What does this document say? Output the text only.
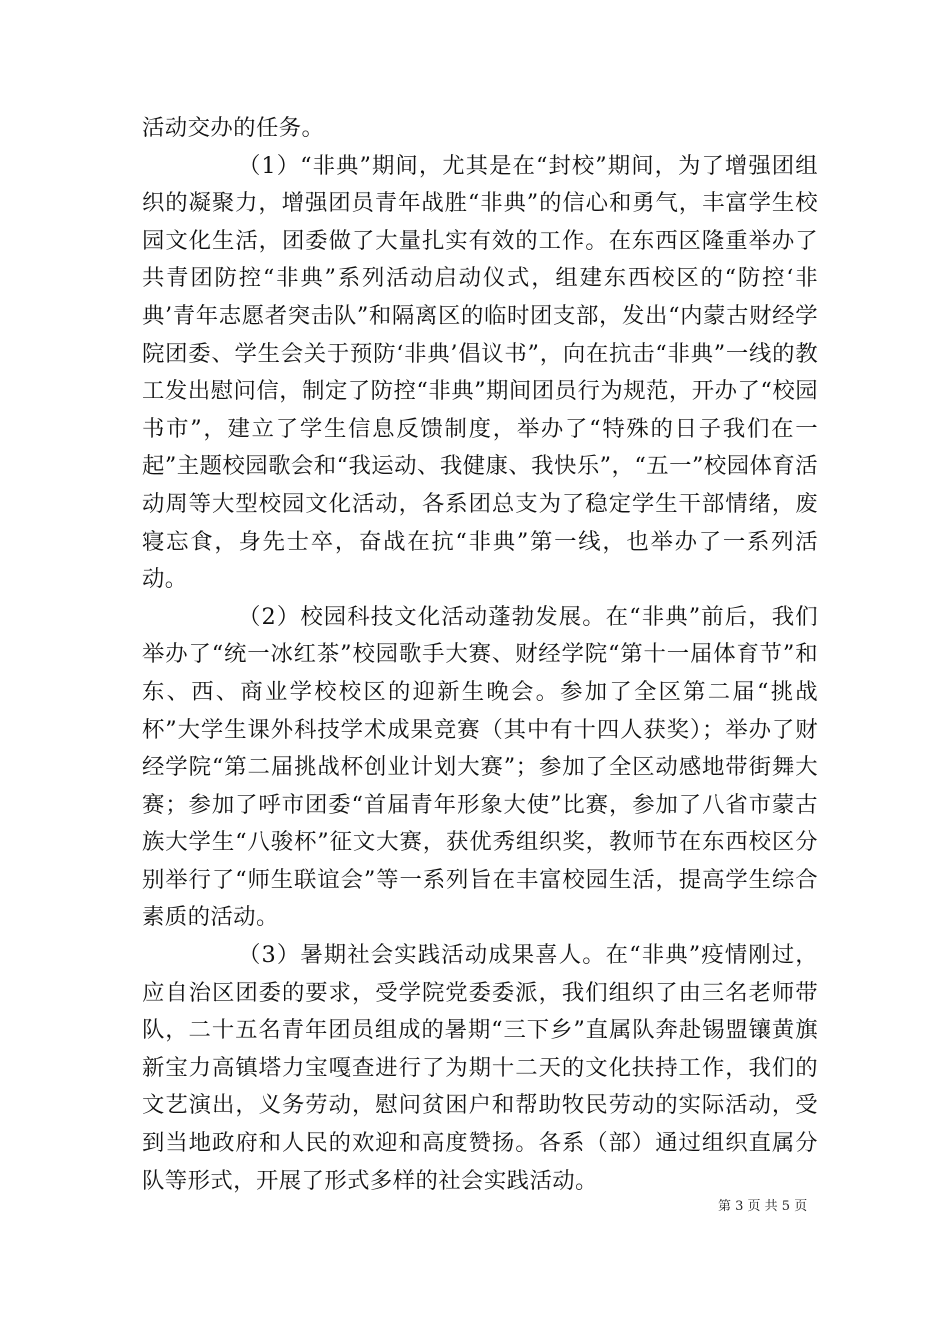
活动交办的任务。

（1）“非典”期间，尤其是在“封校”期间，为了增强团组织的凝聚力，增强团员青年战胜“非典”的信心和勇气，丰富学生校园文化生活，团委做了大量扎实有效的工作。在东西区隆重举办了共青团防控“非典”系列活动启动仪式，组建东西校区的“防控‘非典’青年志愿者突击队”和隔离区的临时团支部，发出“内蒙古财经学院团委、学生会关于预防‘非典’倡议书”，向在抗击“非典”一线的教工发出慰问信，制定了防控“非典”期间团员行为规范，开办了“校园书市”，建立了学生信息反馈制度，举办了“特殊的日子我们在一起”主题校园歌会和“我运动、我健康、我快乐”，“五一”校园体育活动周等大型校园文化活动，各系团总支为了稳定学生干部情绪，废寝忘食，身先士卒，奋战在抗“非典”第一线，也举办了一系列活动。

（2）校园科技文化活动蓬勃发展。在“非典”前后，我们举办了“统一冰红茶”校园歌手大赛、财经学院“第十一届体育节”和东、西、商业学校校区的迎新生晚会。参加了全区第二届“挑战杯”大学生课外科技学术成果竞赛（其中有十四人获奖）；举办了财经学院“第二届挑战杯创业计划大赛”；参加了全区动感地带街舞大赛；参加了呼市团委“首届青年形象大使”比赛，参加了八省市蒙古族大学生“八骏杯”征文大赛，获优秀组织奖，教师节在东西校区分别举行了“师生联谊会”等一系列旨在丰富校园生活，提高学生综合素质的活动。

（3）暑期社会实践活动成果喜人。在“非典”疫情刚过，应自治区团委的要求，受学院党委委派，我们组织了由三名老师带队，二十五名青年团员组成的暑期“三下乡”直属队奔赴锡盟镶黄旗新宝力高镇塔力宝嘎查进行了为期十二天的文化扶持工作，我们的文艺演出，义务劳动，慰问贫困户和帮助牧民劳动的实际活动，受到当地政府和人民的欢迎和高度赞扬。各系（部）通过组织直属分队等形式，开展了形式多样的社会实践活动。

第 3 页 共 5 页
